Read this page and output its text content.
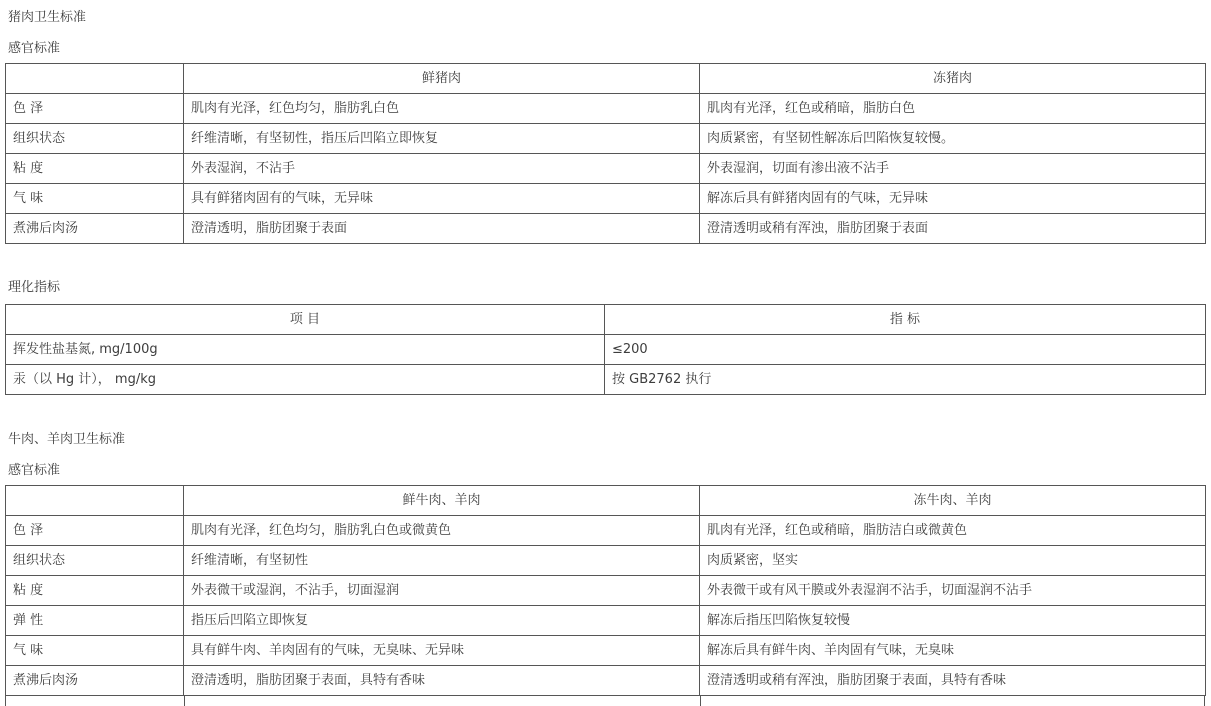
猪肉卫生标准
感官标准
	鲜猪肉	冻猪肉
色 泽	肌肉有光泽，红色均匀，脂肪乳白色	肌肉有光泽，红色或稍暗，脂肪白色
组织状态	纤维清晰，有坚韧性，指压后凹陷立即恢复	肉质紧密，有坚韧性解冻后凹陷恢复较慢。
粘 度	外表湿润，不沾手	外表湿润，切面有渗出液不沾手
气 味	具有鲜猪肉固有的气味，无异味	解冻后具有鲜猪肉固有的气味，无异味
煮沸后肉汤	澄清透明，脂肪团聚于表面	澄清透明或稍有浑浊，脂肪团聚于表面
理化指标
项 目	指 标
挥发性盐基氮, mg/100g	≤200
汞（以 Hg 计）， mg/kg	按 GB2762 执行
牛肉、羊肉卫生标准
感官标准
	鲜牛肉、羊肉	冻牛肉、羊肉
色 泽	肌肉有光泽，红色均匀，脂肪乳白色或微黄色	肌肉有光泽，红色或稍暗，脂肪洁白或微黄色
组织状态	纤维清晰，有坚韧性	肉质紧密，坚实
粘 度	外表微干或湿润，不沾手，切面湿润	外表微干或有风干膜或外表湿润不沾手，切面湿润不沾手
弹 性	指压后凹陷立即恢复	解冻后指压凹陷恢复较慢
气 味	具有鲜牛肉、羊肉固有的气味，无臭味、无异味	解冻后具有鲜牛肉、羊肉固有气味，无臭味
煮沸后肉汤	澄清透明，脂肪团聚于表面，具特有香味	澄清透明或稍有浑浊，脂肪团聚于表面，具特有香味
